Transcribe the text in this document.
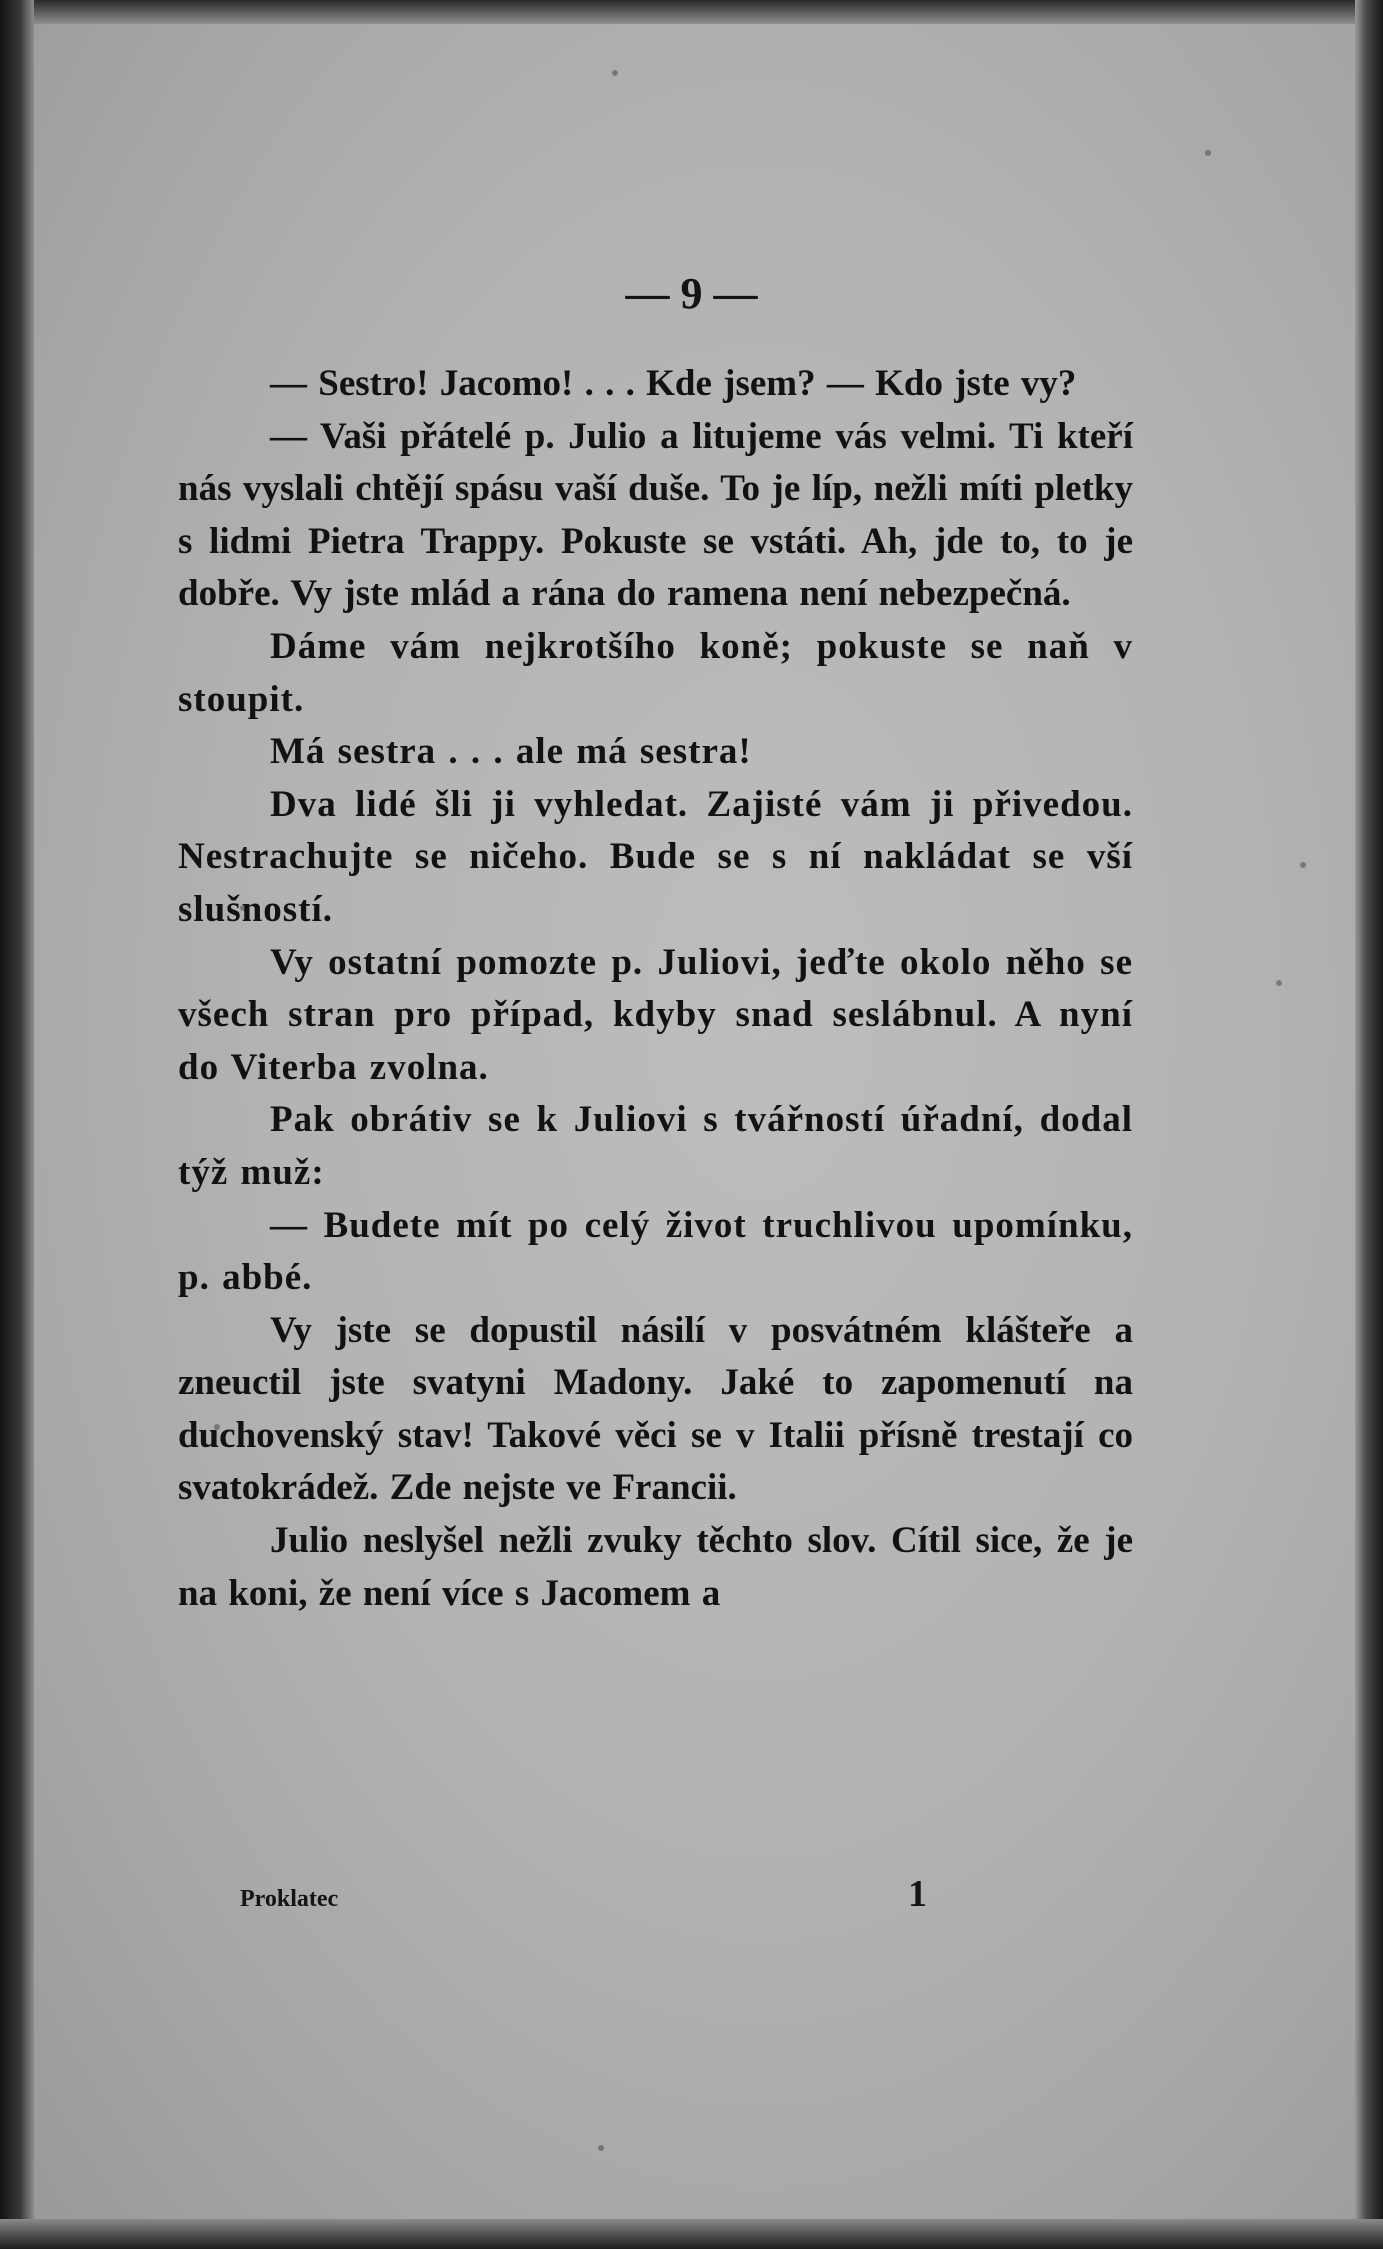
— 9 —

— Sestro! Jacomo! . . . Kde jsem? — Kdo jste vy?

— Vaši přátelé p. Julio a litujeme vás velmi. Ti kteří nás vyslali chtějí spásu vaší duše. To je líp, nežli míti pletky s lidmi Pietra Trappy. Pokuste se vstáti. Ah, jde to, to je dobře. Vy jste mlád a rána do ramena není nebezpečná.

Dáme vám nejkrotšího koně; pokuste se naň v stoupit.

Má sestra . . . ale má sestra!

Dva lidé šli ji vyhledat. Zajisté vám ji přivedou. Nestrachujte se ničeho. Bude se s ní nakládat se vší slušností.

Vy ostatní pomozte p. Juliovi, jeďte okolo něho se všech stran pro případ, kdyby snad seslábnul. A nyní do Viterba zvolna.

Pak obrátiv se k Juliovi s tvářností úřadní, dodal týž muž:

— Budete mít po celý život truchlivou upomínku, p. abbé.

Vy jste se dopustil násilí v posvátném klášteře a zneuctil jste svatyni Madony. Jaké to zapomenutí na duchovenský stav! Takové věci se v Italii přísně trestají co svatokrádež. Zde nejste ve Francii.

Julio neslyšel nežli zvuky těchto slov. Cítil sice, že je na koni, že není více s Jacomem a

Proklatec	1
